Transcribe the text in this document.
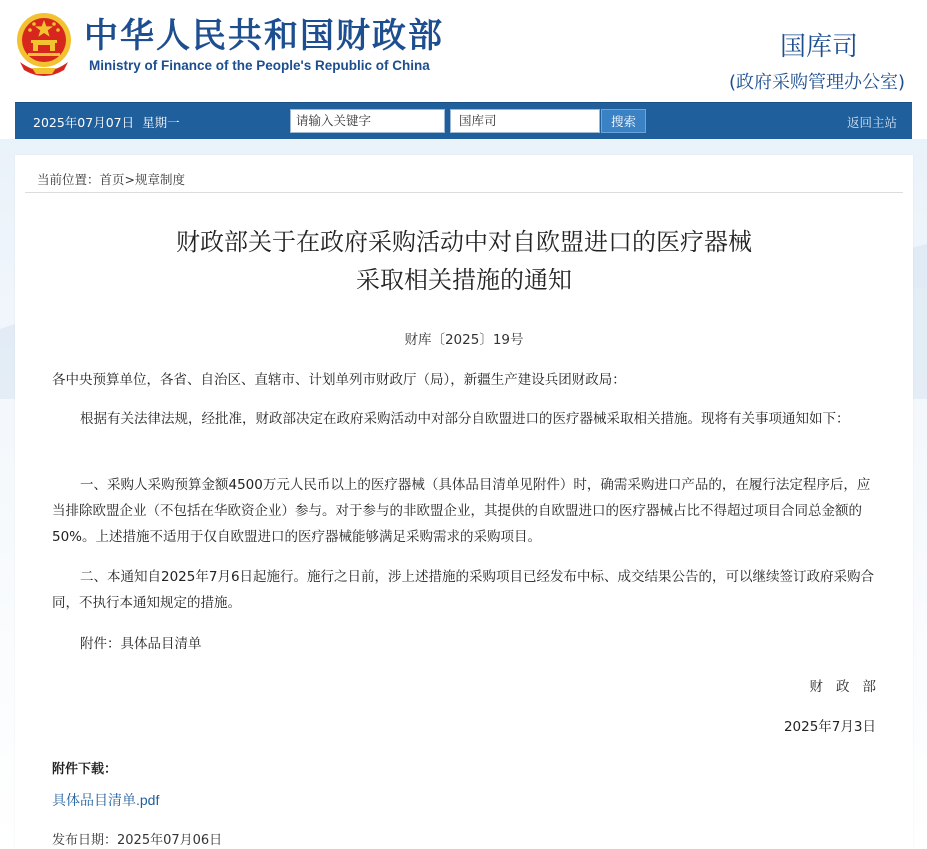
中华人民共和国财政部
Ministry of Finance of the People's Republic of China
国库司
(政府采购管理办公室)
2025年07月07日 星期一	请输入关键字	国库司	搜索	返回主站
当前位置：首页>规章制度
财政部关于在政府采购活动中对自欧盟进口的医疗器械
采取相关措施的通知
财库〔2025〕19号
各中央预算单位，各省、自治区、直辖市、计划单列市财政厅（局），新疆生产建设兵团财政局：
根据有关法律法规，经批准，财政部决定在政府采购活动中对部分自欧盟进口的医疗器械采取相关措施。现将有关事项通知如下：
一、采购人采购预算金额4500万元人民币以上的医疗器械（具体品目清单见附件）时，确需采购进口产品的，在履行法定程序后，应当排除欧盟企业（不包括在华欧资企业）参与。对于参与的非欧盟企业，其提供的自欧盟进口的医疗器械占比不得超过项目合同总金额的50%。上述措施不适用于仅自欧盟进口的医疗器械能够满足采购需求的采购项目。
二、本通知自2025年7月6日起施行。施行之日前，涉上述措施的采购项目已经发布中标、成交结果公告的，可以继续签订政府采购合同，不执行本通知规定的措施。
附件：具体品目清单
财政部
2025年7月3日
附件下载：
具体品目清单.pdf
发布日期：2025年07月06日
